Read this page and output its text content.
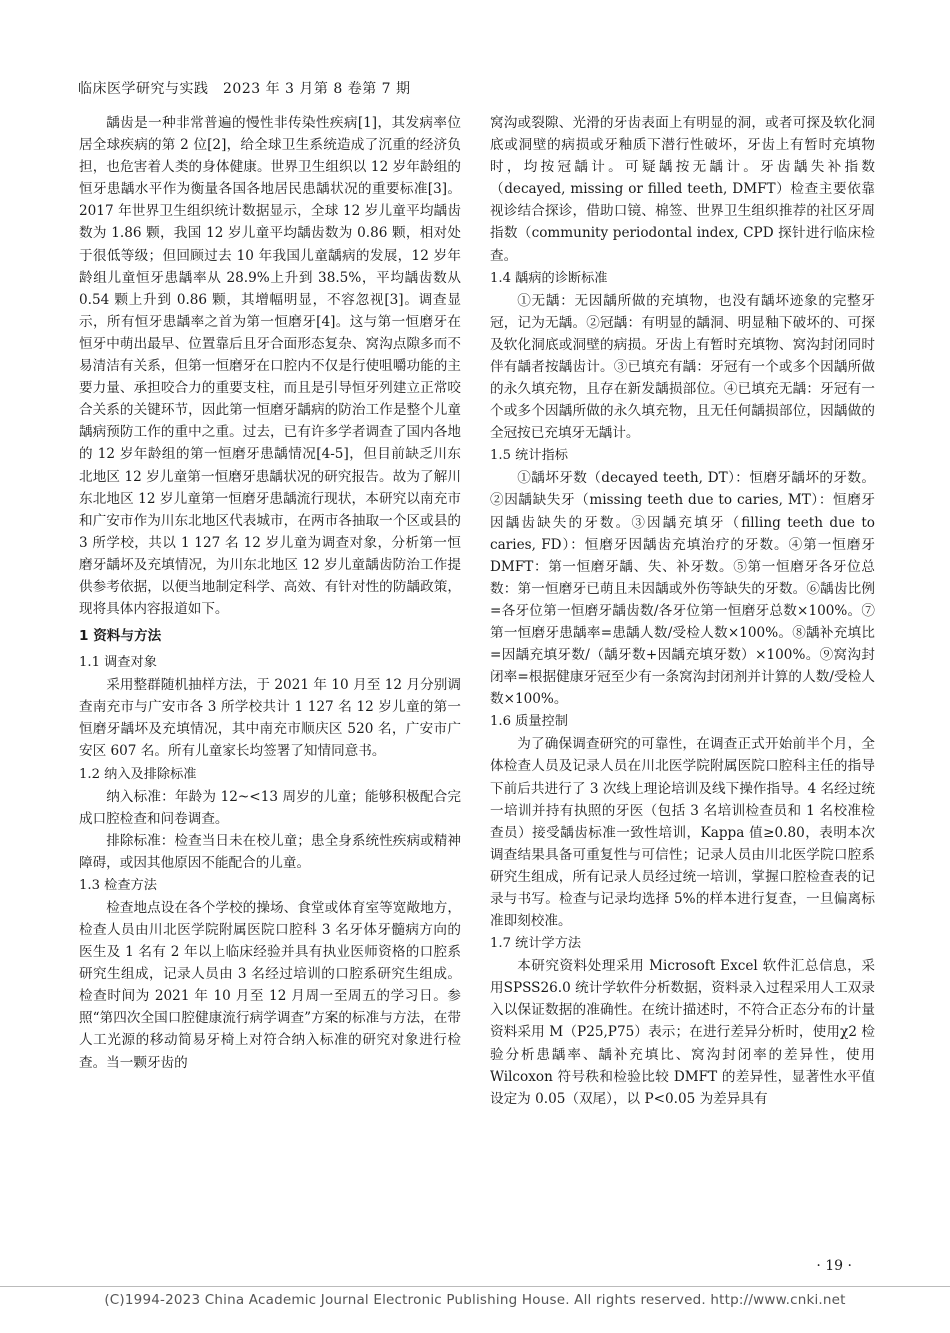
临床医学研究与实践　2023 年 3 月第 8 卷第 7 期

龋齿是一种非常普遍的慢性非传染性疾病[1]，其发病率位居全球疾病的第 2 位[2]，给全球卫生系统造成了沉重的经济负担，也危害着人类的身体健康。世界卫生组织以 12 岁年龄组的恒牙患龋水平作为衡量各国各地居民患龋状况的重要标准[3]。2017 年世界卫生组织统计数据显示，全球 12 岁儿童平均龋齿数为 1.86 颗，我国 12 岁儿童平均龋齿数为 0.86 颗，相对处于很低等级；但回顾过去 10 年我国儿童龋病的发展，12 岁年龄组儿童恒牙患龋率从 28.9%上升到 38.5%，平均龋齿数从 0.54 颗上升到 0.86 颗，其增幅明显，不容忽视[3]。调查显示，所有恒牙患龋率之首为第一恒磨牙[4]。这与第一恒磨牙在恒牙中萌出最早、位置靠后且牙合面形态复杂、窝沟点隙多而不易清洁有关系，但第一恒磨牙在口腔内不仅是行使咀嚼功能的主要力量、承担咬合力的重要支柱，而且是引导恒牙列建立正常咬合关系的关键环节，因此第一恒磨牙龋病的防治工作是整个儿童龋病预防工作的重中之重。过去，已有许多学者调查了国内各地的 12 岁年龄组的第一恒磨牙患龋情况[4-5]，但目前缺乏川东北地区 12 岁儿童第一恒磨牙患龋状况的研究报告。故为了解川东北地区 12 岁儿童第一恒磨牙患龋流行现状，本研究以南充市和广安市作为川东北地区代表城市，在两市各抽取一个区或县的 3 所学校，共以 1 127 名 12 岁儿童为调查对象，分析第一恒磨牙龋坏及充填情况，为川东北地区 12 岁儿童龋齿防治工作提供参考依据，以便当地制定科学、高效、有针对性的防龋政策，现将具体内容报道如下。

1 资料与方法
1.1 调查对象

采用整群随机抽样方法，于 2021 年 10 月至 12 月分别调查南充市与广安市各 3 所学校共计 1 127 名 12 岁儿童的第一恒磨牙龋坏及充填情况，其中南充市顺庆区 520 名，广安市广安区 607 名。所有儿童家长均签署了知情同意书。

1.2 纳入及排除标准

纳入标准：年龄为 12~<13 周岁的儿童；能够积极配合完成口腔检查和问卷调查。

排除标准：检查当日未在校儿童；患全身系统性疾病或精神障碍，或因其他原因不能配合的儿童。

1.3 检查方法

检查地点设在各个学校的操场、食堂或体育室等宽敞地方，检查人员由川北医学院附属医院口腔科 3 名牙体牙髓病方向的医生及 1 名有 2 年以上临床经验并具有执业医师资格的口腔系研究生组成，记录人员由 3 名经过培训的口腔系研究生组成。检查时间为 2021 年 10 月至 12 月周一至周五的学习日。参照“第四次全国口腔健康流行病学调查”方案的标准与方法，在带人工光源的移动简易牙椅上对符合纳入标准的研究对象进行检查。当一颗牙齿的

窝沟或裂隙、光滑的牙齿表面上有明显的洞，或者可探及软化洞底或洞壁的病损或牙釉质下潜行性破坏，牙齿上有暂时充填物时，均按冠龋计。可疑龋按无龋计。牙齿龋失补指数（decayed, missing or filled teeth, DMFT）检查主要依靠视诊结合探诊，借助口镜、棉签、世界卫生组织推荐的社区牙周指数（community periodontal index, CPD 探针进行临床检查。

1.4 龋病的诊断标准

①无龋：无因龋所做的充填物，也没有龋坏迹象的完整牙冠，记为无龋。②冠龋：有明显的龋洞、明显釉下破坏的、可探及软化洞底或洞壁的病损。牙齿上有暂时充填物、窝沟封闭同时伴有龋者按龋齿计。③已填充有龋：牙冠有一个或多个因龋所做的永久填充物，且存在新发龋损部位。④已填充无龋：牙冠有一个或多个因龋所做的永久填充物，且无任何龋损部位，因龋做的全冠按已充填牙无龋计。

1.5 统计指标

①龋坏牙数（decayed teeth, DT）：恒磨牙龋坏的牙数。②因龋缺失牙（missing teeth due to caries, MT）：恒磨牙因龋齿缺失的牙数。③因龋充填牙（filling teeth due to caries, FD）：恒磨牙因龋齿充填治疗的牙数。④第一恒磨牙 DMFT：第一恒磨牙龋、失、补牙数。⑤第一恒磨牙各牙位总数：第一恒磨牙已萌且未因龋或外伤等缺失的牙数。⑥龋齿比例=各牙位第一恒磨牙龋齿数/各牙位第一恒磨牙总数×100%。⑦第一恒磨牙患龋率=患龋人数/受检人数×100%。⑧龋补充填比=因龋充填牙数/（龋牙数+因龋充填牙数）×100%。⑨窝沟封闭率=根据健康牙冠至少有一条窝沟封闭剂并计算的人数/受检人数×100%。

1.6 质量控制

为了确保调查研究的可靠性，在调查正式开始前半个月，全体检查人员及记录人员在川北医学院附属医院口腔科主任的指导下前后共进行了 3 次线上理论培训及线下操作指导。4 名经过统一培训并持有执照的牙医（包括 3 名培训检查员和 1 名校准检查员）接受龋齿标准一致性培训，Kappa 值≥0.80，表明本次调查结果具备可重复性与可信性；记录人员由川北医学院口腔系研究生组成，所有记录人员经过统一培训，掌握口腔检查表的记录与书写。检查与记录均选择 5%的样本进行复查，一旦偏离标准即刻校准。

1.7 统计学方法

本研究资料处理采用 Microsoft Excel 软件汇总信息，采用SPSS26.0 统计学软件分析数据，资料录入过程采用人工双录入以保证数据的准确性。在统计描述时，不符合正态分布的计量资料采用 M（P25,P75）表示；在进行差异分析时，使用χ2 检验分析患龋率、龋补充填比、窝沟封闭率的差异性，使用 Wilcoxon 符号秩和检验比较 DMFT 的差异性，显著性水平值设定为 0.05（双尾），以 P<0.05 为差异具有

· 19 ·
(C)1994-2023 China Academic Journal Electronic Publishing House. All rights reserved. http://www.cnki.net
